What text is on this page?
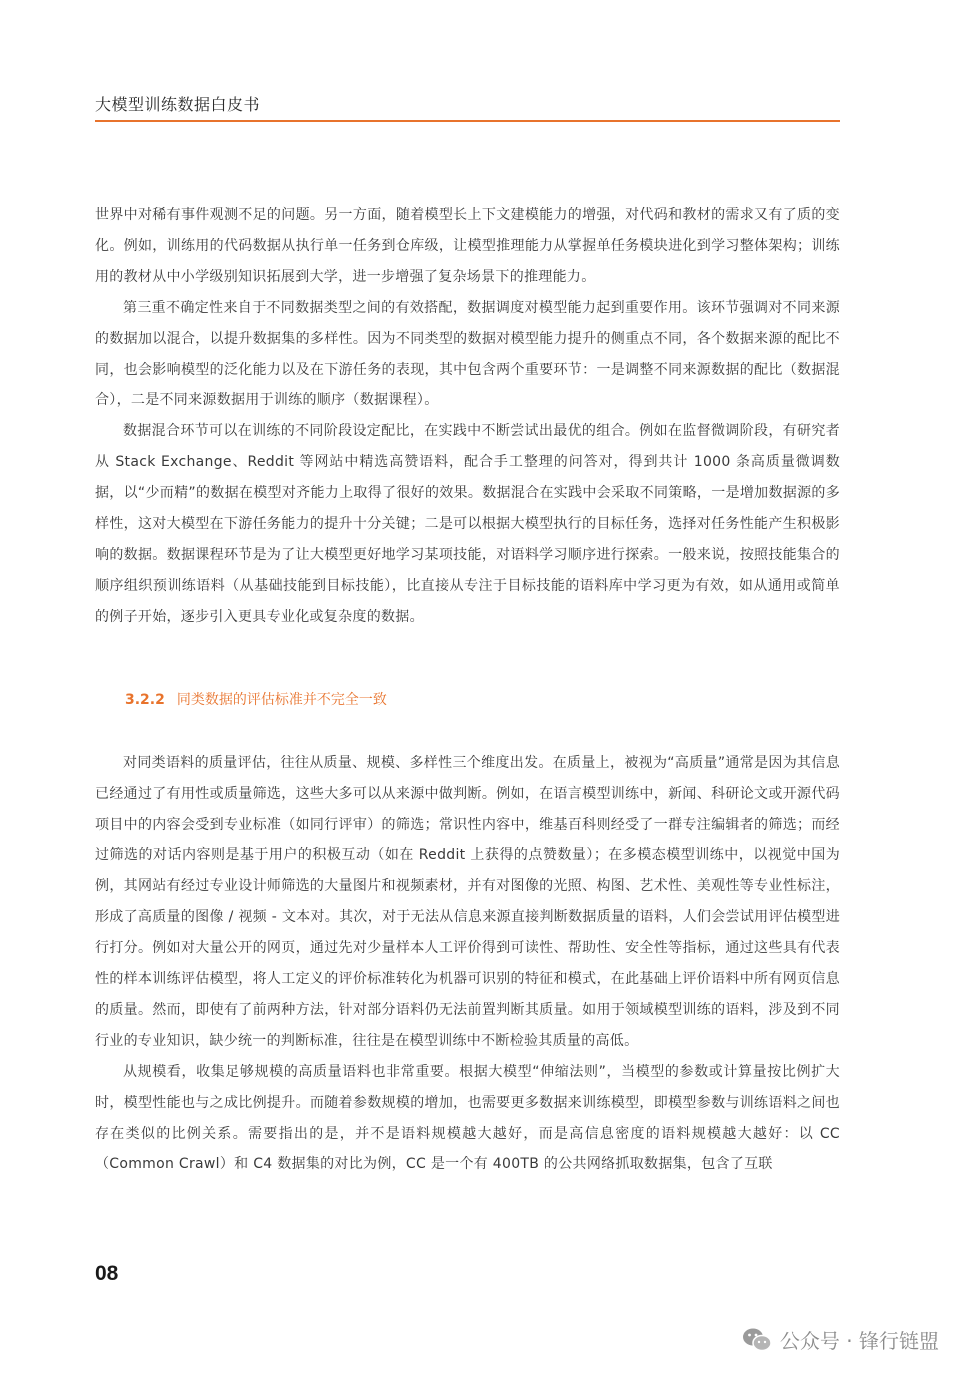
大模型训练数据白皮书

世界中对稀有事件观测不足的问题。另一方面，随着模型长上下文建模能力的增强，对代码和教材的需求又有了质的变化。例如，训练用的代码数据从执行单一任务到仓库级，让模型推理能力从掌握单任务模块进化到学习整体架构；训练用的教材从中小学级别知识拓展到大学，进一步增强了复杂场景下的推理能力。

第三重不确定性来自于不同数据类型之间的有效搭配，数据调度对模型能力起到重要作用。该环节强调对不同来源的数据加以混合，以提升数据集的多样性。因为不同类型的数据对模型能力提升的侧重点不同，各个数据来源的配比不同，也会影响模型的泛化能力以及在下游任务的表现，其中包含两个重要环节：一是调整不同来源数据的配比（数据混合），二是不同来源数据用于训练的顺序（数据课程）。

数据混合环节可以在训练的不同阶段设定配比，在实践中不断尝试出最优的组合。例如在监督微调阶段，有研究者从 Stack Exchange、Reddit 等网站中精选高赞语料，配合手工整理的问答对，得到共计 1000 条高质量微调数据，以“少而精”的数据在模型对齐能力上取得了很好的效果。数据混合在实践中会采取不同策略，一是增加数据源的多样性，这对大模型在下游任务能力的提升十分关键；二是可以根据大模型执行的目标任务，选择对任务性能产生积极影响的数据。数据课程环节是为了让大模型更好地学习某项技能，对语料学习顺序进行探索。一般来说，按照技能集合的顺序组织预训练语料（从基础技能到目标技能），比直接从专注于目标技能的语料库中学习更为有效，如从通用或简单的例子开始，逐步引入更具专业化或复杂度的数据。

3.2.2 同类数据的评估标准并不完全一致

对同类语料的质量评估，往往从质量、规模、多样性三个维度出发。在质量上，被视为“高质量”通常是因为其信息已经通过了有用性或质量筛选，这些大多可以从来源中做判断。例如，在语言模型训练中，新闻、科研论文或开源代码项目中的内容会受到专业标准（如同行评审）的筛选；常识性内容中，维基百科则经受了一群专注编辑者的筛选；而经过筛选的对话内容则是基于用户的积极互动（如在 Reddit 上获得的点赞数量）；在多模态模型训练中，以视觉中国为例，其网站有经过专业设计师筛选的大量图片和视频素材，并有对图像的光照、构图、艺术性、美观性等专业性标注，形成了高质量的图像 / 视频 - 文本对。其次，对于无法从信息来源直接判断数据质量的语料，人们会尝试用评估模型进行打分。例如对大量公开的网页，通过先对少量样本人工评价得到可读性、帮助性、安全性等指标，通过这些具有代表性的样本训练评估模型，将人工定义的评价标准转化为机器可识别的特征和模式，在此基础上评价语料中所有网页信息的质量。然而，即使有了前两种方法，针对部分语料仍无法前置判断其质量。如用于领域模型训练的语料，涉及到不同行业的专业知识，缺少统一的判断标准，往往是在模型训练中不断检验其质量的高低。

从规模看，收集足够规模的高质量语料也非常重要。根据大模型“伸缩法则”，当模型的参数或计算量按比例扩大时，模型性能也与之成比例提升。而随着参数规模的增加，也需要更多数据来训练模型，即模型参数与训练语料之间也存在类似的比例关系。需要指出的是，并不是语料规模越大越好，而是高信息密度的语料规模越大越好：以 CC（Common Crawl）和 C4 数据集的对比为例，CC 是一个有 400TB 的公共网络抓取数据集，包含了互联

08
公众号 · 锋行链盟
